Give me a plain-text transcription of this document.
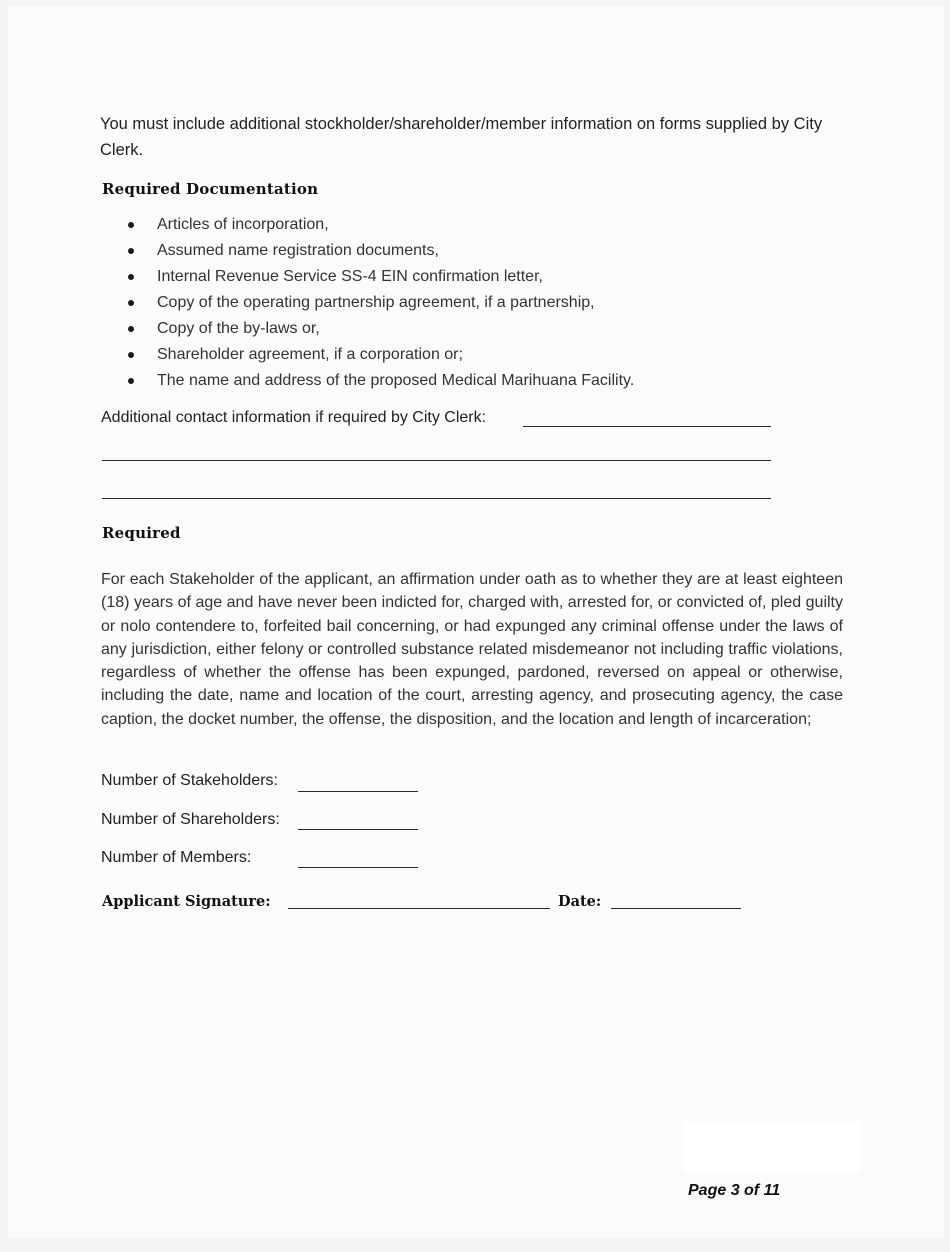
You must include additional stockholder/shareholder/member information on forms supplied by City Clerk.
Required Documentation
Articles of incorporation,
Assumed name registration documents,
Internal Revenue Service SS-4 EIN confirmation letter,
Copy of the operating partnership agreement, if a partnership,
Copy of the by-laws or,
Shareholder agreement, if a corporation or;
The name and address of the proposed Medical Marihuana Facility.
Additional contact information if required by City Clerk:
Required
For each Stakeholder of the applicant, an affirmation under oath as to whether they are at least eighteen (18) years of age and have never been indicted for, charged with, arrested for, or convicted of, pled guilty or nolo contendere to, forfeited bail concerning, or had expunged any criminal offense under the laws of any jurisdiction, either felony or controlled substance related misdemeanor not including traffic violations, regardless of whether the offense has been expunged, pardoned, reversed on appeal or otherwise, including the date, name and location of the court, arresting agency, and prosecuting agency, the case caption, the docket number, the offense, the disposition, and the location and length of incarceration;
Number of Stakeholders:
Number of Shareholders:
Number of Members:
Applicant Signature:	Date:
Page 3 of 11
